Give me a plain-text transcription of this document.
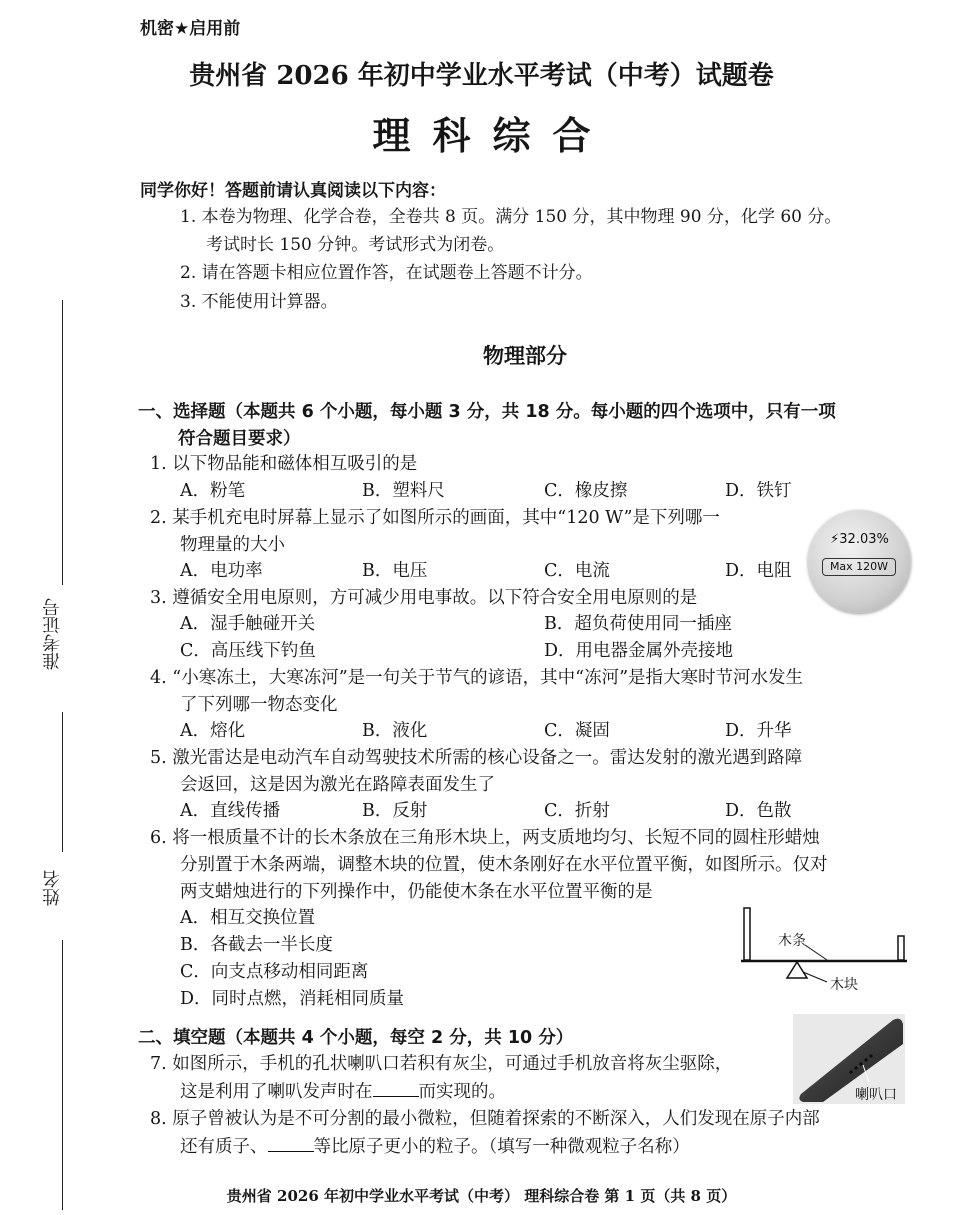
准考证号
姓名
机密★启用前
贵州省 2026 年初中学业水平考试（中考）试题卷
理科综合
同学你好！答题前请认真阅读以下内容：
1. 本卷为物理、化学合卷，全卷共 8 页。满分 150 分，其中物理 90 分，化学 60 分。
考试时长 150 分钟。考试形式为闭卷。
2. 请在答题卡相应位置作答，在试题卷上答题不计分。
3. 不能使用计算器。
物理部分
一、选择题（本题共 6 个小题，每小题 3 分，共 18 分。每小题的四个选项中，只有一项
符合题目要求）
1. 以下物品能和磁体相互吸引的是
A．粉笔	B．塑料尺	C．橡皮擦	D．铁钉
2. 某手机充电时屏幕上显示了如图所示的画面，其中“120 W”是下列哪一
物理量的大小
A．电功率	B．电压	C．电流	D．电阻
⚡32.03%
Max 120W
3. 遵循安全用电原则，方可减少用电事故。以下符合安全用电原则的是
A．湿手触碰开关	B．超负荷使用同一插座
C．高压线下钓鱼	D．用电器金属外壳接地
4. “小寒冻土，大寒冻河”是一句关于节气的谚语，其中“冻河”是指大寒时节河水发生
了下列哪一物态变化
A．熔化	B．液化	C．凝固	D．升华
5. 激光雷达是电动汽车自动驾驶技术所需的核心设备之一。雷达发射的激光遇到路障
会返回，这是因为激光在路障表面发生了
A．直线传播	B．反射	C．折射	D．色散
6. 将一根质量不计的长木条放在三角形木块上，两支质地均匀、长短不同的圆柱形蜡烛
分别置于木条两端，调整木块的位置，使木条刚好在水平位置平衡，如图所示。仅对
两支蜡烛进行的下列操作中，仍能使木条在水平位置平衡的是
A．相互交换位置
B．各截去一半长度
C．向支点移动相同距离
D．同时点燃，消耗相同质量
木条
木块
二、填空题（本题共 4 个小题，每空 2 分，共 10 分）
7. 如图所示，手机的孔状喇叭口若积有灰尘，可通过手机放音将灰尘驱除，
这是利用了喇叭发声时在	而实现的。	喇叭口
8. 原子曾被认为是不可分割的最小微粒，但随着探索的不断深入，人们发现在原子内部
还有质子、	等比原子更小的粒子。（填写一种微观粒子名称）
贵州省 2026 年初中学业水平考试（中考） 理科综合卷 第 1 页（共 8 页）
